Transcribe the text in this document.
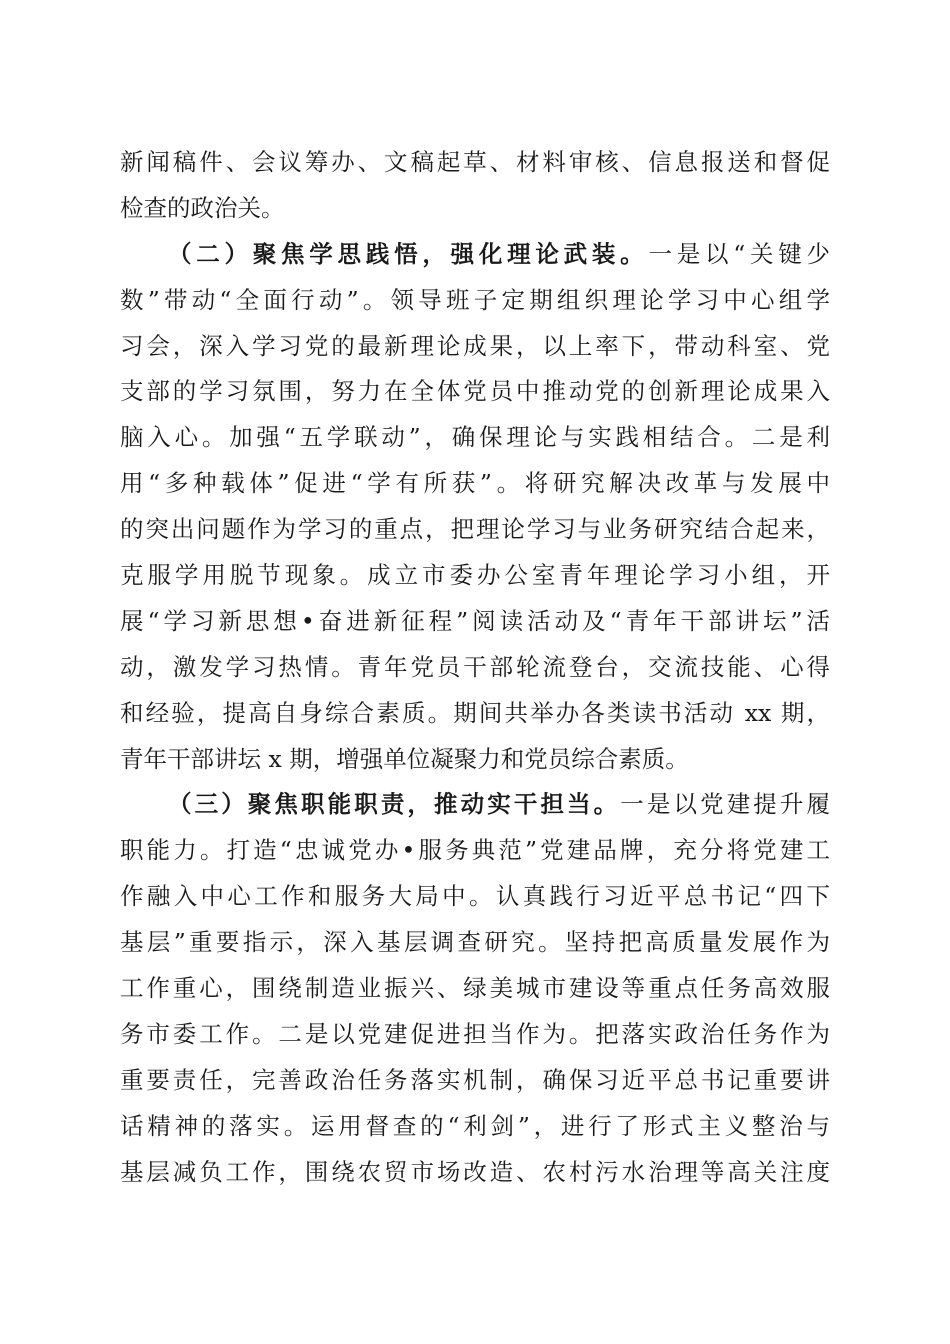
新闻稿件、会议筹办、文稿起草、材料审核、信息报送和督促
检查的政治关。
（二）聚焦学思践悟，强化理论武装。一是以“关键少
数”带动“全面行动”。领导班子定期组织理论学习中心组学
习会，深入学习党的最新理论成果，以上率下，带动科室、党
支部的学习氛围，努力在全体党员中推动党的创新理论成果入
脑入心。加强“五学联动”，确保理论与实践相结合。二是利
用“多种载体”促进“学有所获”。将研究解决改革与发展中
的突出问题作为学习的重点，把理论学习与业务研究结合起来，
克服学用脱节现象。成立市委办公室青年理论学习小组，开
展“学习新思想•奋进新征程”阅读活动及“青年干部讲坛”活
动，激发学习热情。青年党员干部轮流登台，交流技能、心得
和经验，提高自身综合素质。期间共举办各类读书活动 xx 期，
青年干部讲坛 x 期，增强单位凝聚力和党员综合素质。
（三）聚焦职能职责，推动实干担当。一是以党建提升履
职能力。打造“忠诚党办•服务典范”党建品牌，充分将党建工
作融入中心工作和服务大局中。认真践行习近平总书记“四下
基层”重要指示，深入基层调查研究。坚持把高质量发展作为
工作重心，围绕制造业振兴、绿美城市建设等重点任务高效服
务市委工作。二是以党建促进担当作为。把落实政治任务作为
重要责任，完善政治任务落实机制，确保习近平总书记重要讲
话精神的落实。运用督查的“利剑”，进行了形式主义整治与
基层减负工作，围绕农贸市场改造、农村污水治理等高关注度
